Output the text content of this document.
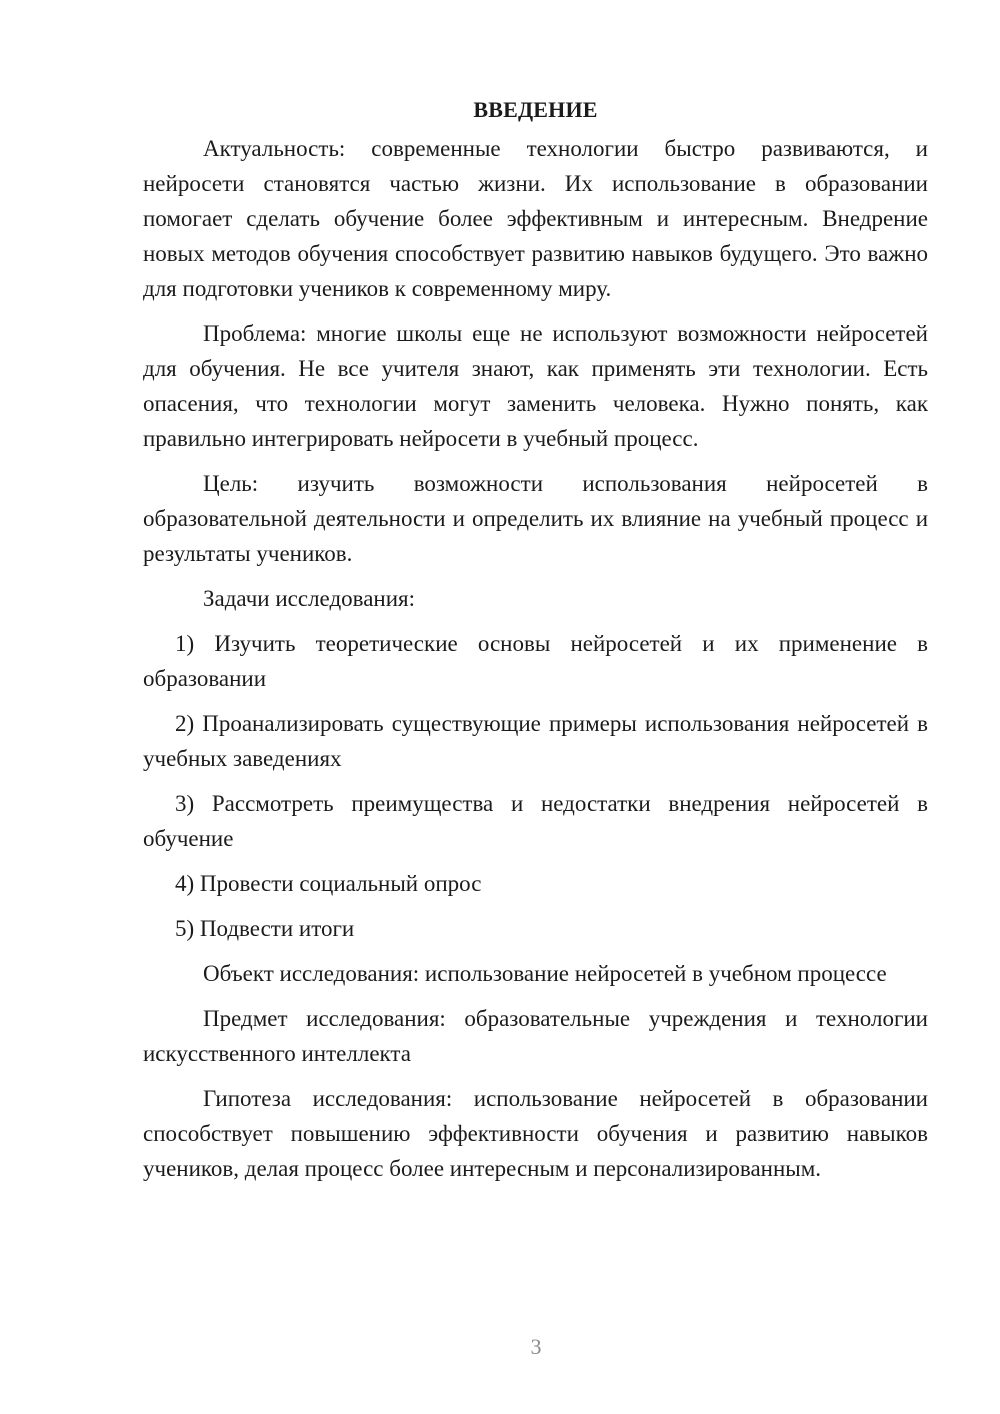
ВВЕДЕНИЕ

Актуальность: современные технологии быстро развиваются, и нейросети становятся частью жизни. Их использование в образовании помогает сделать обучение более эффективным и интересным. Внедрение новых методов обучения способствует развитию навыков будущего. Это важно для подготовки учеников к современному миру.

Проблема: многие школы еще не используют возможности нейросетей для обучения. Не все учителя знают, как применять эти технологии. Есть опасения, что технологии могут заменить человека. Нужно понять, как правильно интегрировать нейросети в учебный процесс.

Цель: изучить возможности использования нейросетей в образовательной деятельности и определить их влияние на учебный процесс и результаты учеников.

Задачи исследования:

1) Изучить теоретические основы нейросетей и их применение в образовании

2) Проанализировать существующие примеры использования нейросетей в учебных заведениях

3) Рассмотреть преимущества и недостатки внедрения нейросетей в обучение

4) Провести социальный опрос

5) Подвести итоги

Объект исследования: использование нейросетей в учебном процессе

Предмет исследования: образовательные учреждения и технологии искусственного интеллекта

Гипотеза исследования: использование нейросетей в образовании способствует повышению эффективности обучения и развитию навыков учеников, делая процесс более интересным и персонализированным.

3
